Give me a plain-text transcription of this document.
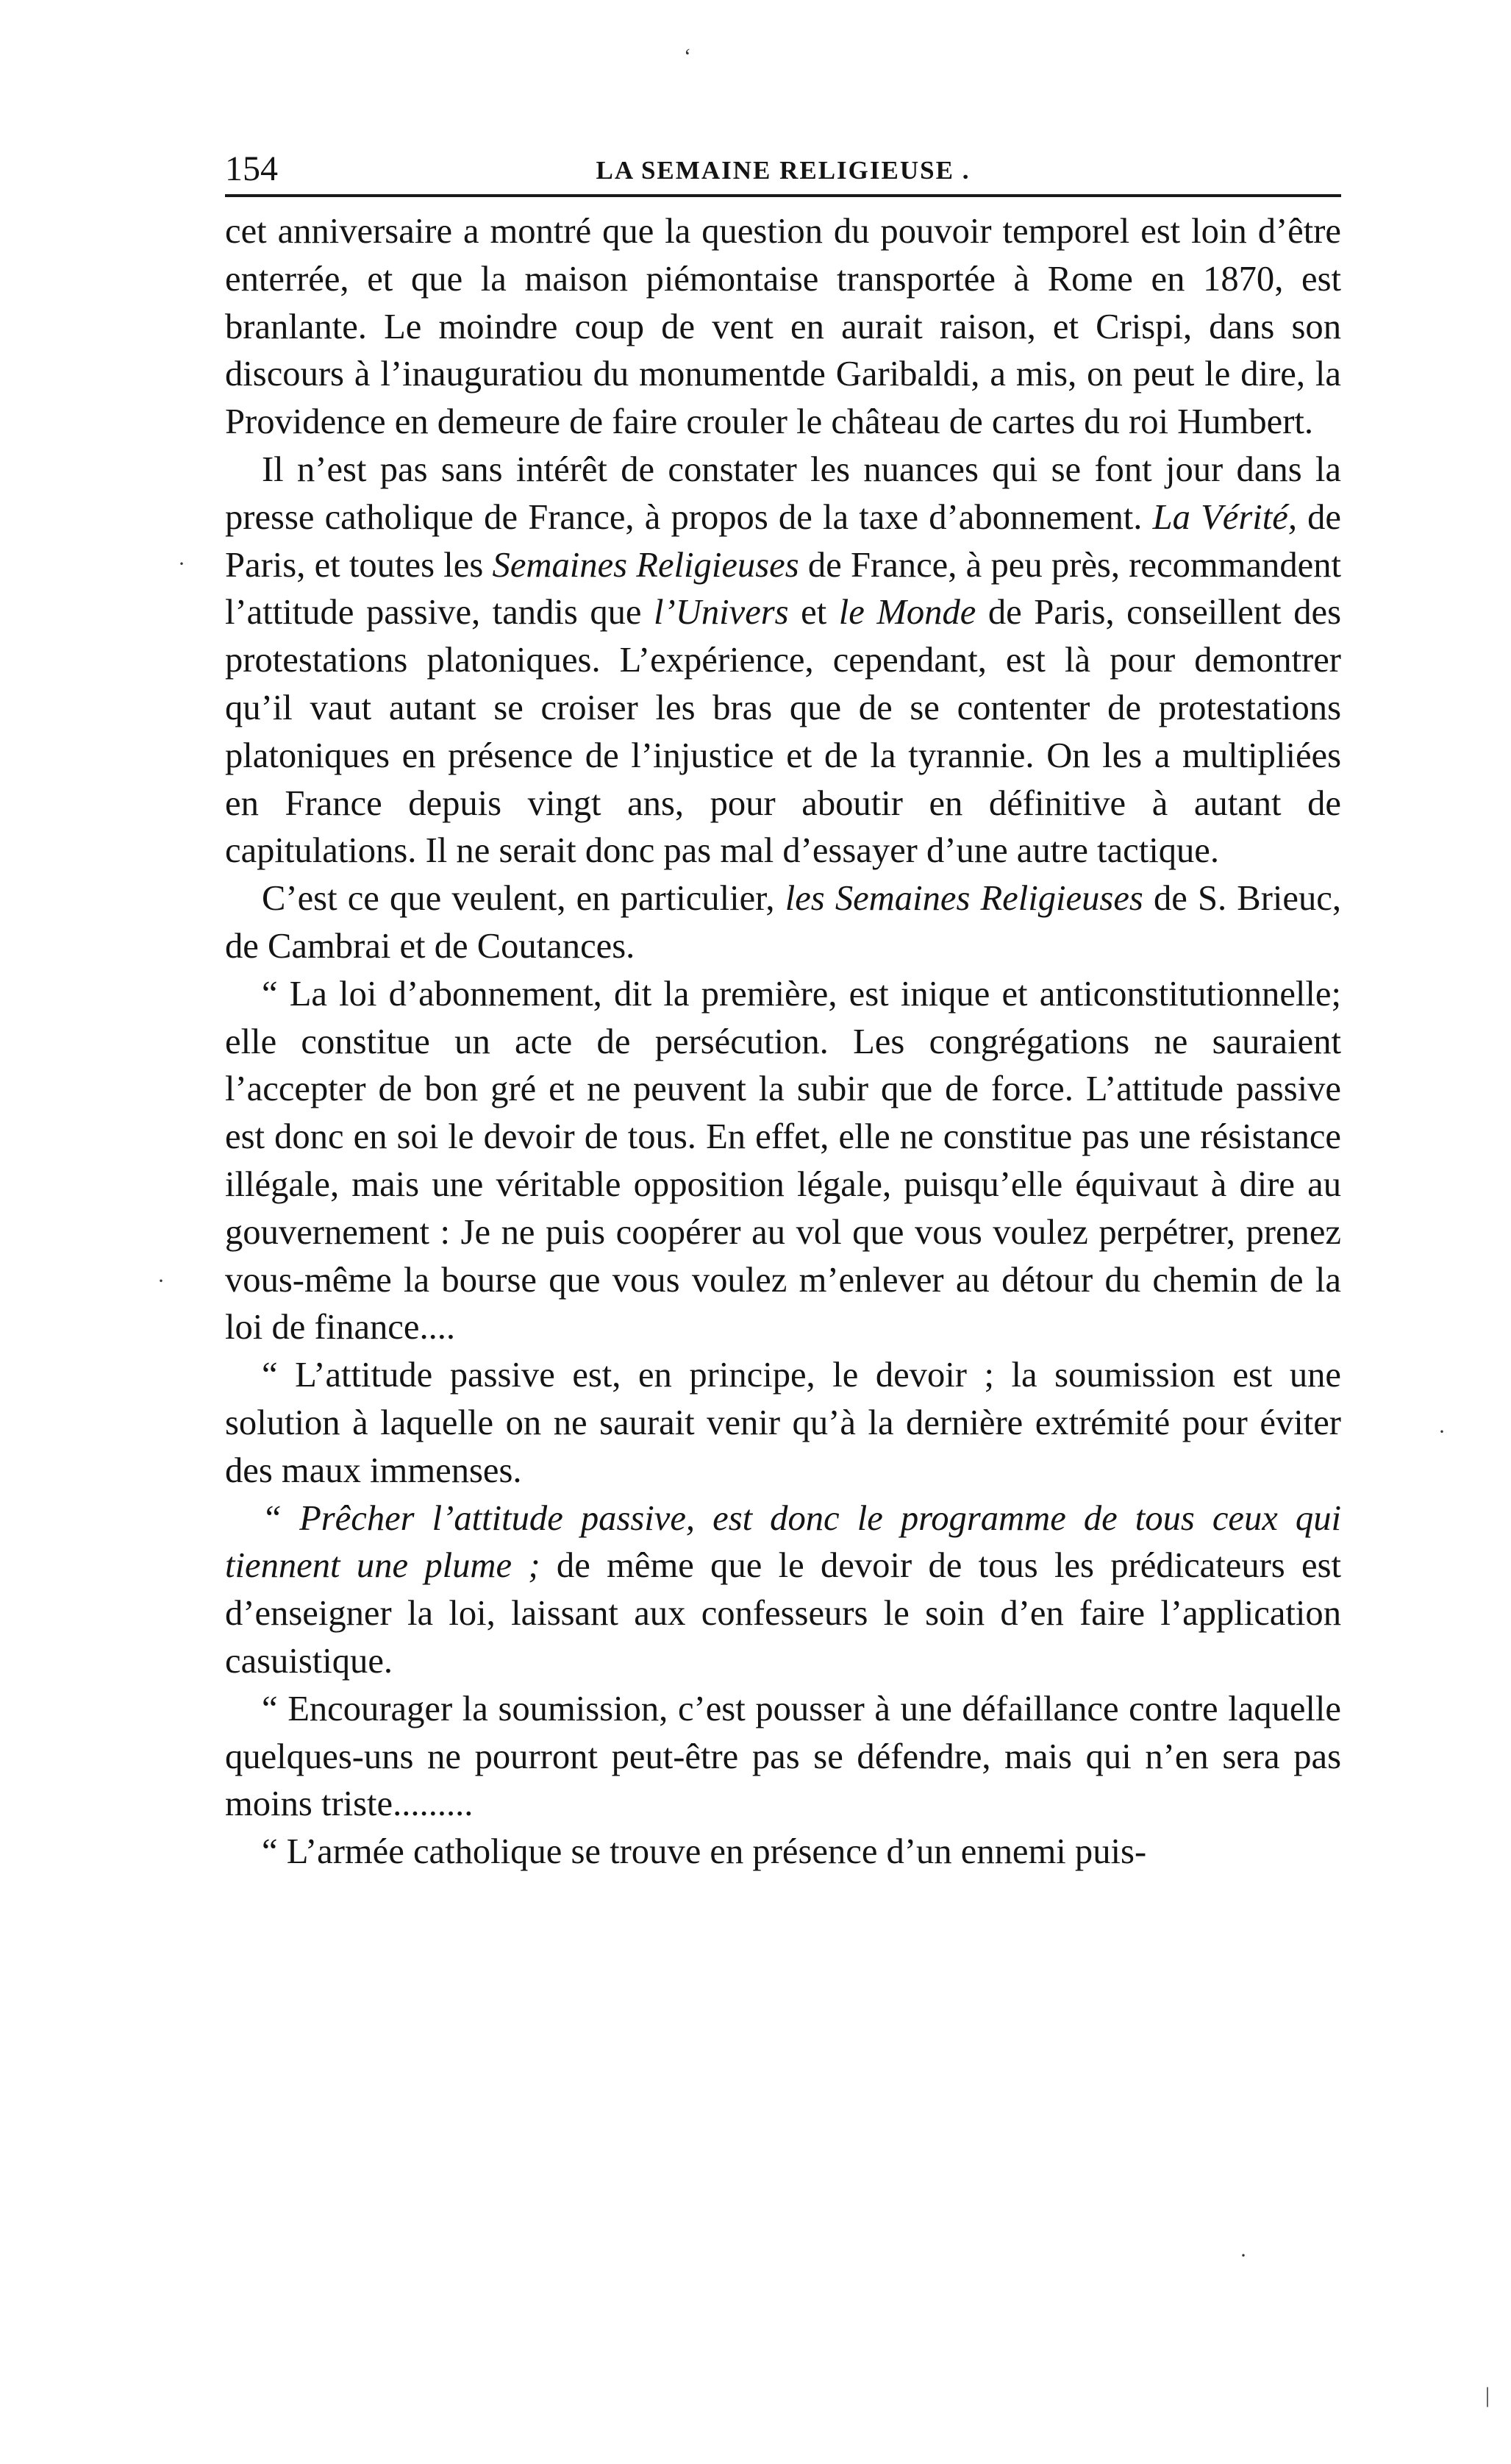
154	LA SEMAINE RELIGIEUSE .

cet anniversaire a montré que la question du pouvoir temporel est loin d’être enterrée, et que la maison piémontaise transportée à Rome en 1870, est branlante. Le moindre coup de vent en aurait raison, et Crispi, dans son discours à l’inauguratiou du monumentde Garibaldi, a mis, on peut le dire, la Providence en demeure de faire crouler le château de cartes du roi Humbert.

Il n’est pas sans intérêt de constater les nuances qui se font jour dans la presse catholique de France, à propos de la taxe d’abonnement. La Vérité, de Paris, et toutes les Semaines Religieuses de France, à peu près, recommandent l’attitude passive, tandis que l’Univers et le Monde de Paris, conseillent des protestations platoniques. L’expérience, cependant, est là pour demontrer qu’il vaut autant se croiser les bras que de se contenter de protestations platoniques en présence de l’injustice et de la tyrannie. On les a multipliées en France depuis vingt ans, pour aboutir en définitive à autant de capitulations. Il ne serait donc pas mal d’essayer d’une autre tactique.

C’est ce que veulent, en particulier, les Semaines Religieuses de S. Brieuc, de Cambrai et de Coutances.

“ La loi d’abonnement, dit la première, est inique et anticonstitutionnelle; elle constitue un acte de persécution. Les congrégations ne sauraient l’accepter de bon gré et ne peuvent la subir que de force. L’attitude passive est donc en soi le devoir de tous. En effet, elle ne constitue pas une résistance illégale, mais une véritable opposition légale, puisqu’elle équivaut à dire au gouvernement : Je ne puis coopérer au vol que vous voulez perpétrer, prenez vous-même la bourse que vous voulez m’enlever au détour du chemin de la loi de finance....

“ L’attitude passive est, en principe, le devoir ; la soumission est une solution à laquelle on ne saurait venir qu’à la dernière extrémité pour éviter des maux immenses.

“ Prêcher l’attitude passive, est donc le programme de tous ceux qui tiennent une plume ; de même que le devoir de tous les prédicateurs est d’enseigner la loi, laissant aux confesseurs le soin d’en faire l’application casuistique.

“ Encourager la soumission, c’est pousser à une défaillance contre laquelle quelques-uns ne pourront peut-être pas se défendre, mais qui n’en sera pas moins triste.........

“ L’armée catholique se trouve en présence d’un ennemi puis-

‘
·
·
·
·
|
